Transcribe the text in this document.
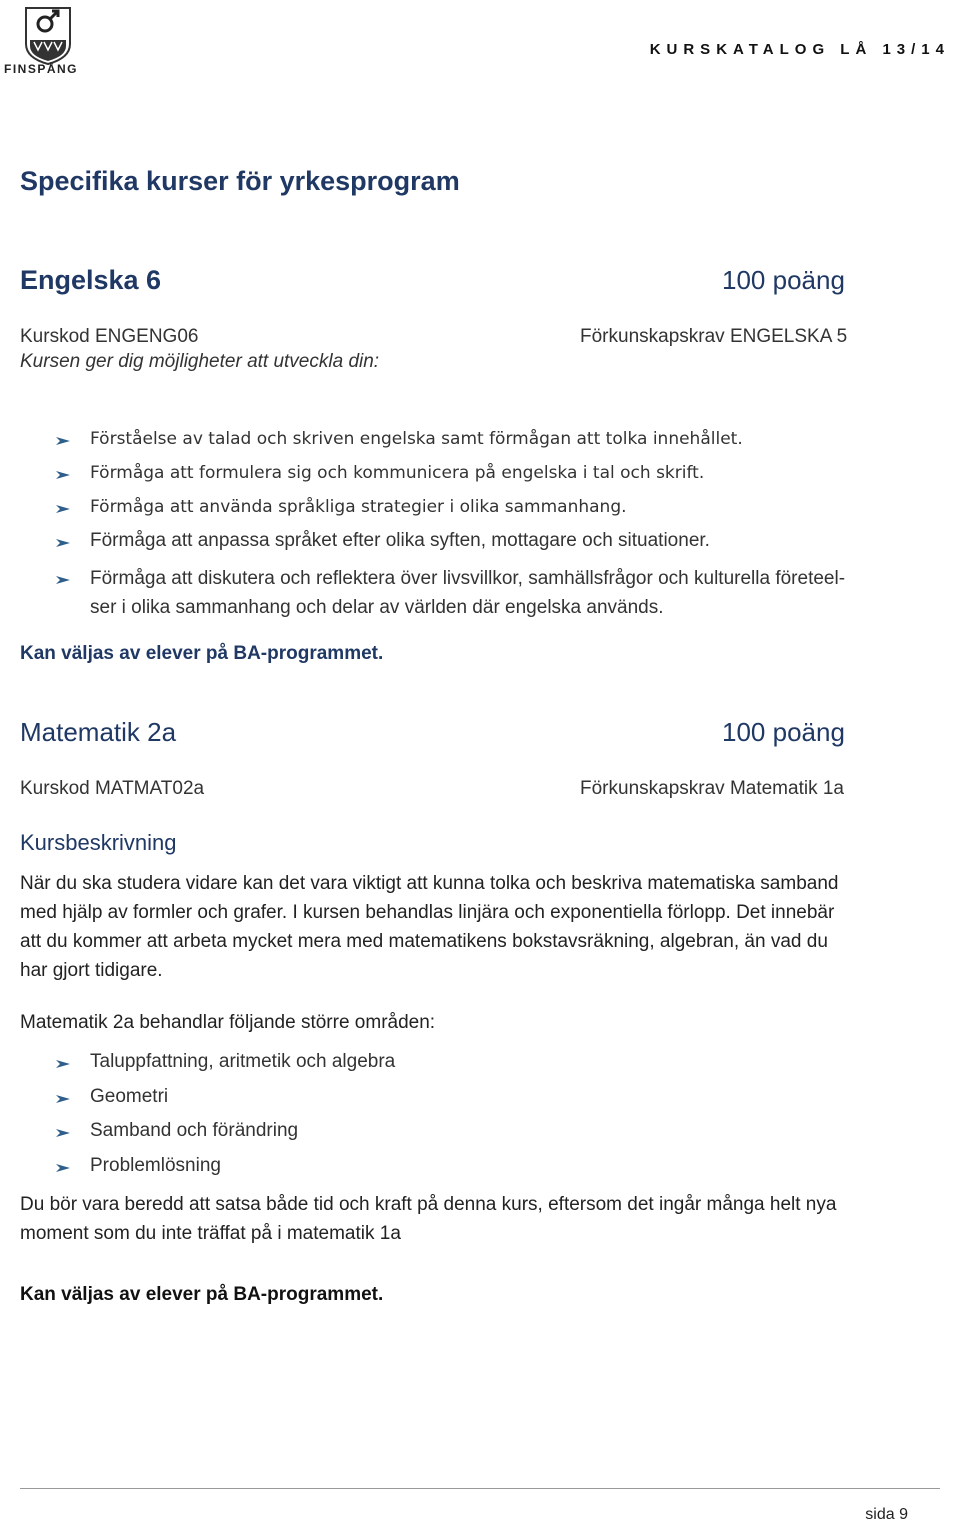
FINSPÅNG
KURSKATALOG LÅ 13/14
Specifika kurser för yrkesprogram
Engelska 6	100 poäng
Kurskod ENGENG06	Förkunskapskrav ENGELSKA 5
Kursen ger dig möjligheter att utveckla din:
Förståelse av talad och skriven engelska samt förmågan att tolka innehållet.
Förmåga att formulera sig och kommunicera på engelska i tal och skrift.
Förmåga att använda språkliga strategier i olika sammanhang.
Förmåga att anpassa språket efter olika syften, mottagare och situationer.
Förmåga att diskutera och reflektera över livsvillkor, samhällsfrågor och kulturella företeel-
ser i olika sammanhang och delar av världen där engelska används.
Kan väljas av elever på BA-programmet.
Matematik 2a	100 poäng
Kurskod MATMAT02a	Förkunskapskrav Matematik 1a
Kursbeskrivning
När du ska studera vidare kan det vara viktigt att kunna tolka och beskriva matematiska samband
med hjälp av formler och grafer. I kursen behandlas linjära och exponentiella förlopp. Det innebär
att du kommer att arbeta mycket mera med matematikens bokstavsräkning, algebran, än vad du
har gjort tidigare.
Matematik 2a behandlar följande större områden:
Taluppfattning, aritmetik och algebra
Geometri
Samband och förändring
Problemlösning
Du bör vara beredd att satsa både tid och kraft på denna kurs, eftersom det ingår många helt nya
moment som du inte träffat på i matematik 1a
Kan väljas av elever på BA-programmet.
sida 9
